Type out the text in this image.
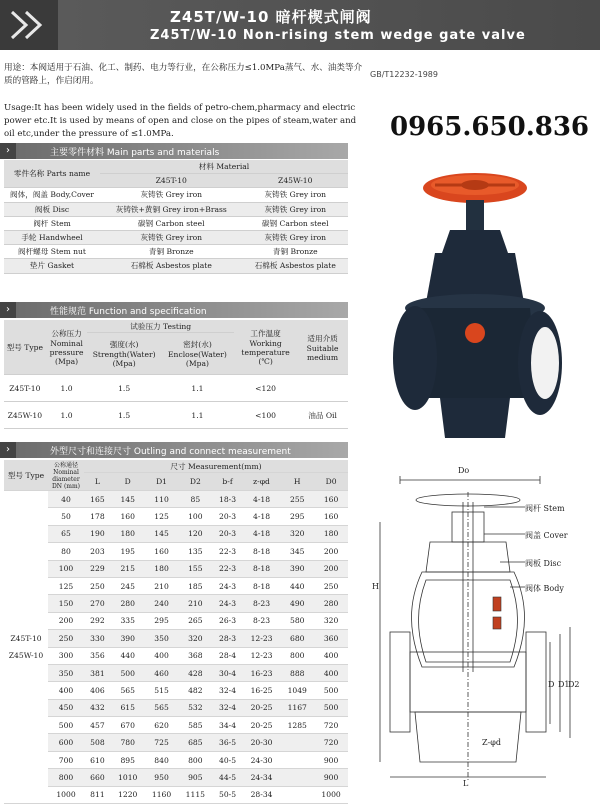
Z45T/W-10 暗杆楔式闸阀
Z45T/W-10 Non-rising stem wedge gate valve
用途：本阀适用于石油、化工、制药、电力等行业，在公称压力≤1.0MPa蒸气、水、油类等介质的管路上，作启闭用。
Usage:It has been widely used in the fields of petro-chem,pharmacy and electric power etc.It is used by means of open and close on the pipes of steam,water and oil etc,under the pressure of ≤1.0MPa.
GB/T12232-1989
0965.650.836
›	主要零件材料 Main parts and materials
零件名称 Parts name	材料 Material	
	Z45T-10	Z45W-10
阀体，阀盖 Body,Cover	灰铸铁 Grey iron	灰铸铁 Grey iron
阀板 Disc	灰铸铁+黄铜 Grey iron+Brass	灰铸铁 Grey iron
阀杆 Stem	碳钢 Carbon steel	碳钢 Carbon steel
手轮 Handwheel	灰铸铁 Grey iron	灰铸铁 Grey iron
阀杆螺母 Stem nut	青铜 Bronze	青铜 Bronze
垫片 Gasket	石棉板 Asbestos plate	石棉板 Asbestos plate
›	性能规范 Function and specification
型号 Type	公称压力 Nominal pressure (Mpa)	试验压力 Testing		工作温度 Working temperature (℃)	适用介质 Suitable medium
		强度(水) Strength(Water) (Mpa)	密封(水) Enclose(Water) (Mpa)		
Z45T-10	1.0	1.5	1.1	<120	
Z45W-10	1.0	1.5	1.1	<100	油品 Oil
›	外型尺寸和连接尺寸 Outling and connect measurement
型号 Type	公称通径 Nominal diameter DN (mm)	尺寸 Measurement(mm)							
		L	D	D1	D2	b-f	z-φd	H	D0

Z45T-10
Z45W-10	40	165	145	110	85	18-3	4-18	255	160
	50	178	160	125	100	20-3	4-18	295	160
	65	190	180	145	120	20-3	4-18	320	180
	80	203	195	160	135	22-3	8-18	345	200
	100	229	215	180	155	22-3	8-18	390	200
	125	250	245	210	185	24-3	8-18	440	250
	150	270	280	240	210	24-3	8-23	490	280
	200	292	335	295	265	26-3	8-23	580	320
	250	330	390	350	320	28-3	12-23	680	360
	300	356	440	400	368	28-4	12-23	800	400
	350	381	500	460	428	30-4	16-23	888	400
	400	406	565	515	482	32-4	16-25	1049	500
	450	432	615	565	532	32-4	20-25	1167	500
	500	457	670	620	585	34-4	20-25	1285	720
	600	508	780	725	685	36-5	20-30		720
	700	610	895	840	800	40-5	24-30		900
	800	660	1010	950	905	44-5	24-34		900
	1000	811	1220	1160	1115	50-5	28-34		1000
Do
阀杆 Stem
阀盖 Cover
阀板 Disc
阀体 Body
H
L
Z-φd
D D1
D2
